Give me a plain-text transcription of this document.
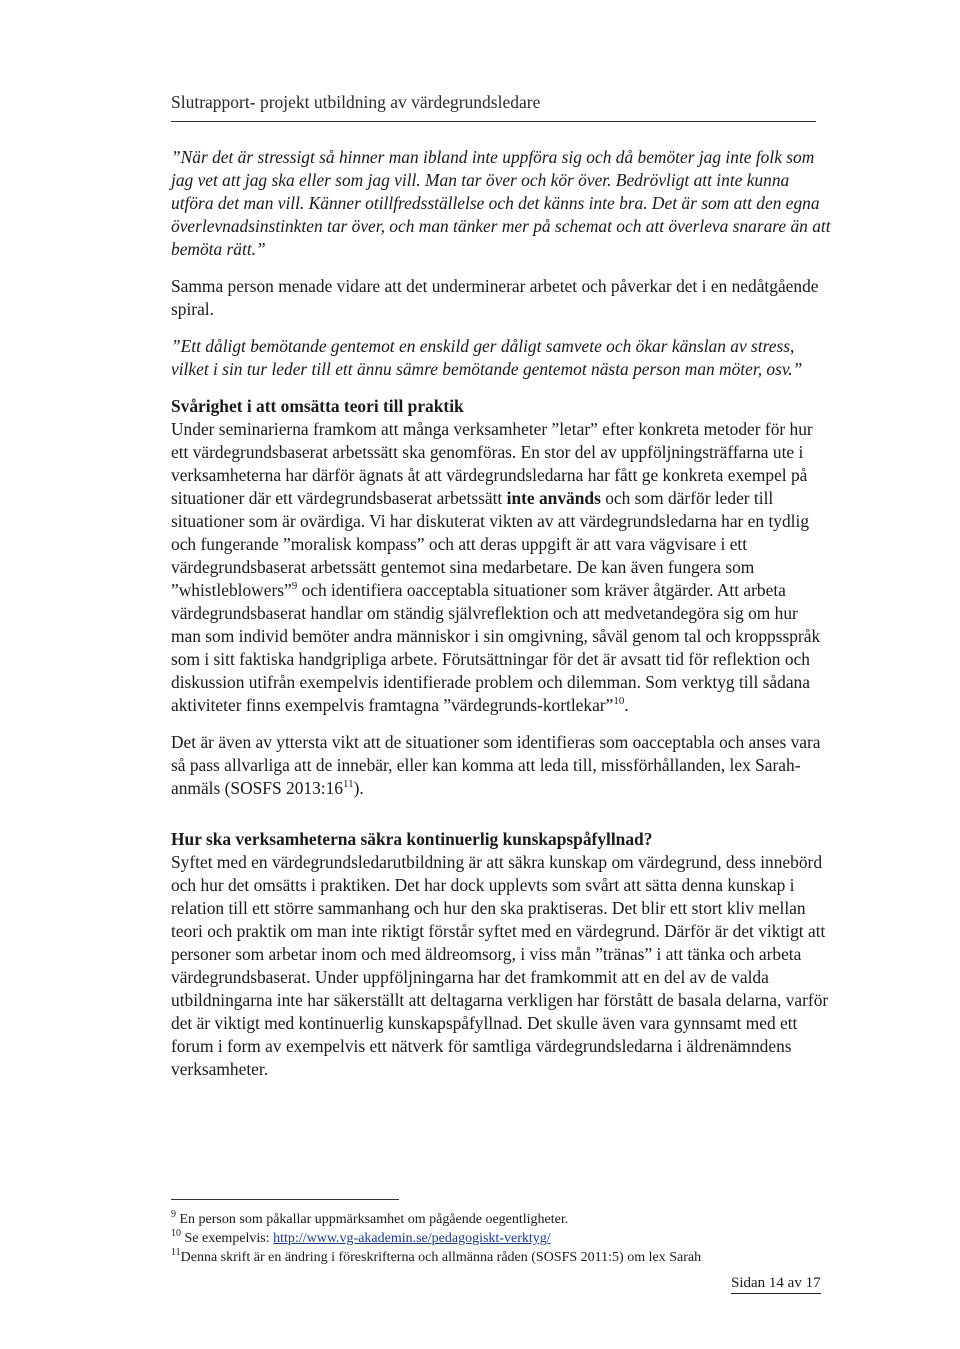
Slutrapport- projekt utbildning av värdegrundsledare

”När det är stressigt så hinner man ibland inte uppföra sig och då bemöter jag inte folk som jag vet att jag ska eller som jag vill. Man tar över och kör över. Bedrövligt att inte kunna utföra det man vill. Känner otillfredsställelse och det känns inte bra. Det är som att den egna överlevnadsinstinkten tar över, och man tänker mer på schemat och att överleva snarare än att bemöta rätt.”

Samma person menade vidare att det underminerar arbetet och påverkar det i en nedåtgående spiral.

”Ett dåligt bemötande gentemot en enskild ger dåligt samvete och ökar känslan av stress, vilket i sin tur leder till ett ännu sämre bemötande gentemot nästa person man möter, osv.”

Svårighet i att omsätta teori till praktik

Under seminarierna framkom att många verksamheter ”letar” efter konkreta metoder för hur ett värdegrundsbaserat arbetssätt ska genomföras. En stor del av uppföljningsträffarna ute i verksamheterna har därför ägnats åt att värdegrundsledarna har fått ge konkreta exempel på situationer där ett värdegrundsbaserat arbetssätt inte används och som därför leder till situationer som är ovärdiga. Vi har diskuterat vikten av att värdegrundsledarna har en tydlig och fungerande ”moralisk kompass” och att deras uppgift är att vara vägvisare i ett värdegrundsbaserat arbetssätt gentemot sina medarbetare. De kan även fungera som ”whistleblowers”$^9$ och identifiera oacceptabla situationer som kräver åtgärder. Att arbeta värdegrundsbaserat handlar om ständig självreflektion och att medvetandegöra sig om hur man som individ bemöter andra människor i sin omgivning, såväl genom tal och kroppsspråk som i sitt faktiska handgripliga arbete. Förutsättningar för det är avsatt tid för reflektion och diskussion utifrån exempelvis identifierade problem och dilemman. Som verktyg till sådana aktiviteter finns exempelvis framtagna ”värdegrunds-kortlekar”$^{10}$.

Det är även av yttersta vikt att de situationer som identifieras som oacceptabla och anses vara så pass allvarliga att de innebär, eller kan komma att leda till, missförhållanden, lex Sarah- anmäls (SOSFS $2013:16^{11}$).

Hur ska verksamheterna säkra kontinuerlig kunskapspåfyllnad?

Syftet med en värdegrundsledarutbildning är att säkra kunskap om värdegrund, dess innebörd och hur det omsätts i praktiken. Det har dock upplevts som svårt att sätta denna kunskap i relation till ett större sammanhang och hur den ska praktiseras. Det blir ett stort kliv mellan teori och praktik om man inte riktigt förstår syftet med en värdegrund. Därför är det viktigt att personer som arbetar inom och med äldreomsorg, i viss mån ”tränas” i att tänka och arbeta värdegrundsbaserat. Under uppföljningarna har det framkommit att en del av de valda utbildningarna inte har säkerställt att deltagarna verkligen har förstått de basala delarna, varför det är viktigt med kontinuerlig kunskapspåfyllnad. Det skulle även vara gynnsamt med ett forum i form av exempelvis ett nätverk för samtliga värdegrundsledarna i äldrenämndens verksamheter.

$^9$ En person som påkallar uppmärksamhet om pågående oegentligheter.

$^{10}$ Se exempelvis: http://www.vg-akademin.se/pedagogiskt-verktyg/

$^{11}$Denna skrift är en ändring i föreskrifterna och allmänna råden (SOSFS 2011:5) om lex Sarah

Sidan 14 av 17
